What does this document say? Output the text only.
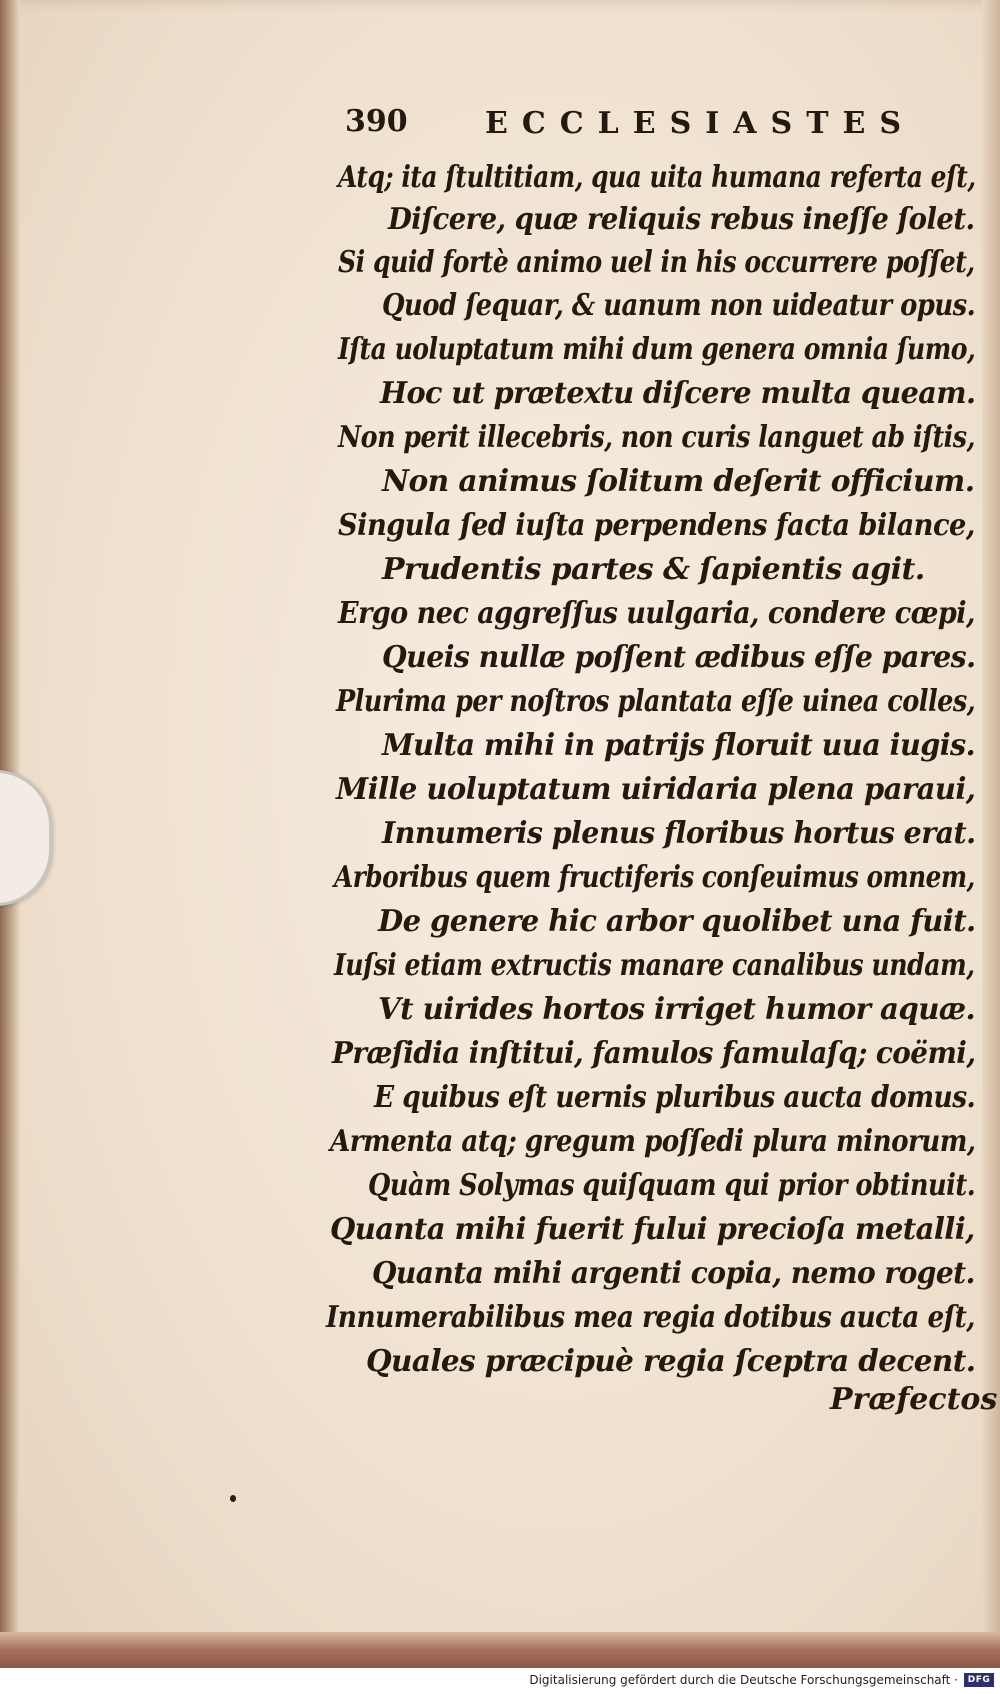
390	ECCLESIASTES
Atq; ita ſtultitiam, qua uita humana referta eſt,
Diſcere, quæ reliquis rebus ineſſe ſolet.
Si quid fortè animo uel in his occurrere poſſet,
Quod ſequar, & uanum non uideatur opus.
Iſta uoluptatum mihi dum genera omnia ſumo,
Hoc ut prætextu diſcere multa queam.
Non perit illecebris, non curis languet ab iſtis,
Non animus ſolitum deſerit officium.
Singula ſed iuſta perpendens facta bilance,
Prudentis partes & ſapientis agit.
Ergo nec aggreſſus uulgaria, condere cœpi,
Queis nullæ poſſent ædibus eſſe pares.
Plurima per noſtros plantata eſſe uinea colles,
Multa mihi in patrijs floruit uua iugis.
Mille uoluptatum uiridaria plena paraui,
Innumeris plenus floribus hortus erat.
Arboribus quem fructiferis conſeuimus omnem,
De genere hic arbor quolibet una fuit.
Iuſsi etiam extructis manare canalibus undam,
Vt uirides hortos irriget humor aquæ.
Præſidia inſtitui, famulos famulaſq; coëmi,
E quibus eſt uernis pluribus aucta domus.
Armenta atq; gregum poſſedi plura minorum,
Quàm Solymas quiſquam qui prior obtinuit.
Quanta mihi fuerit fului precioſa metalli,
Quanta mihi argenti copia, nemo roget.
Innumerabilibus mea regia dotibus aucta eſt,
Quales præcipuè regia ſceptra decent.
Præfectos
Digitalisierung gefördert durch die Deutsche Forschungsgemeinschaft ·	DFG
